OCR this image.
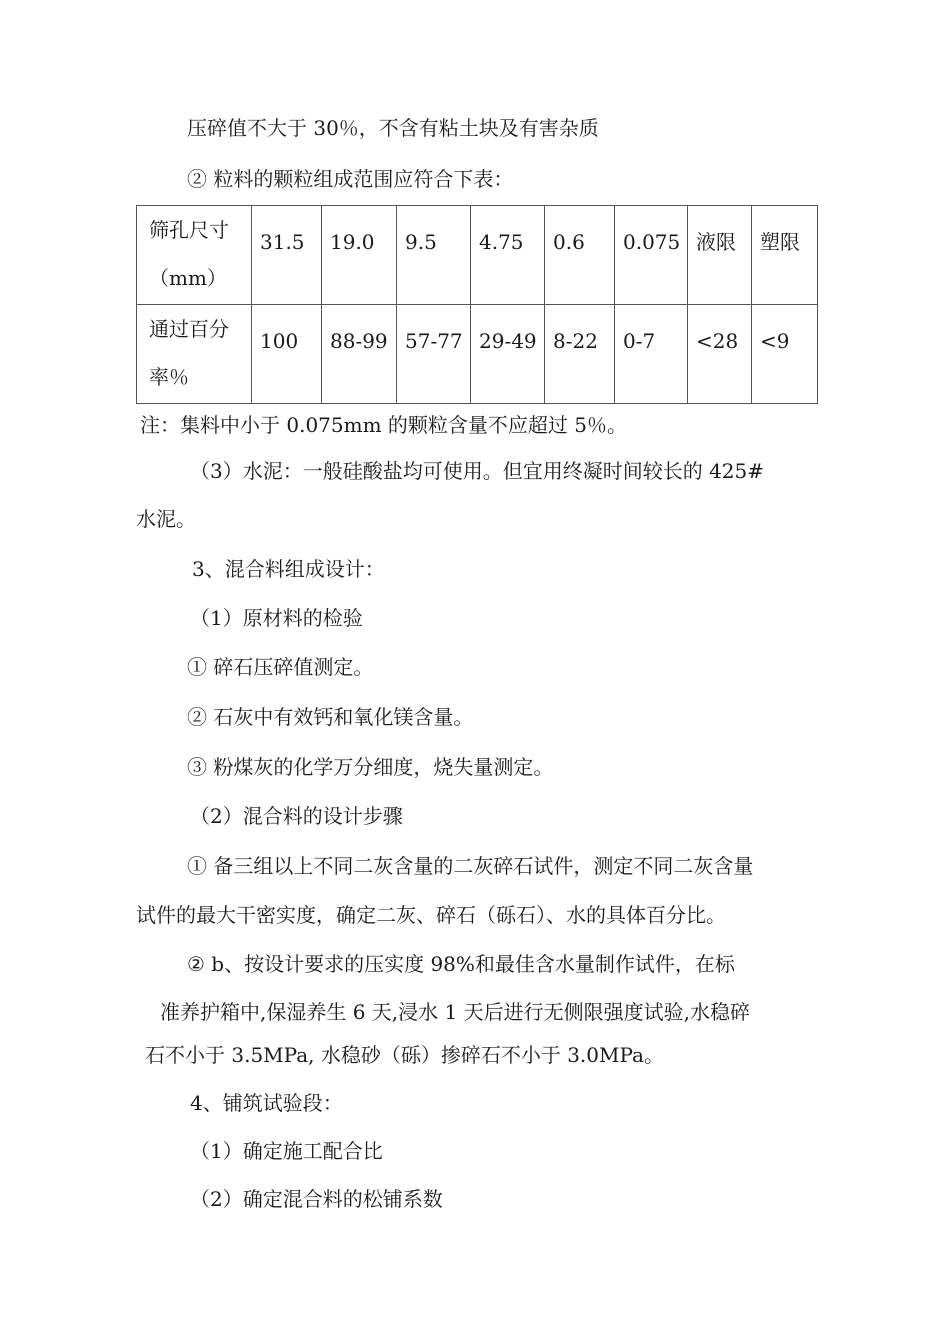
压碎值不大于 30％，不含有粘土块及有害杂质
② 粒料的颗粒组成范围应符合下表：
筛孔尺寸
（mm）	31.5	19.0	9.5	4.75	0.6	0.075	液限	塑限

通过百分
率％	100	88-99	57-77	29-49	8-22	0-7	<28	<9
注：集料中小于 0.075mm 的颗粒含量不应超过 5％。
（3）水泥：一般硅酸盐均可使用。但宜用终凝时间较长的 425#
水泥。
3、混合料组成设计：
（1）原材料的检验
① 碎石压碎值测定。
② 石灰中有效钙和氧化镁含量。
③ 粉煤灰的化学万分细度，烧失量测定。
（2）混合料的设计步骤
① 备三组以上不同二灰含量的二灰碎石试件，测定不同二灰含量
试件的最大干密实度，确定二灰、碎石（砾石）、水的具体百分比。
② b、按设计要求的压实度 98%和最佳含水量制作试件，在标
准养护箱中,保湿养生 6 天,浸水 1 天后进行无侧限强度试验,水稳碎
石不小于 3.5MPa, 水稳砂（砾）掺碎石不小于 3.0MPa。
4、铺筑试验段：
（1）确定施工配合比
（2）确定混合料的松铺系数
